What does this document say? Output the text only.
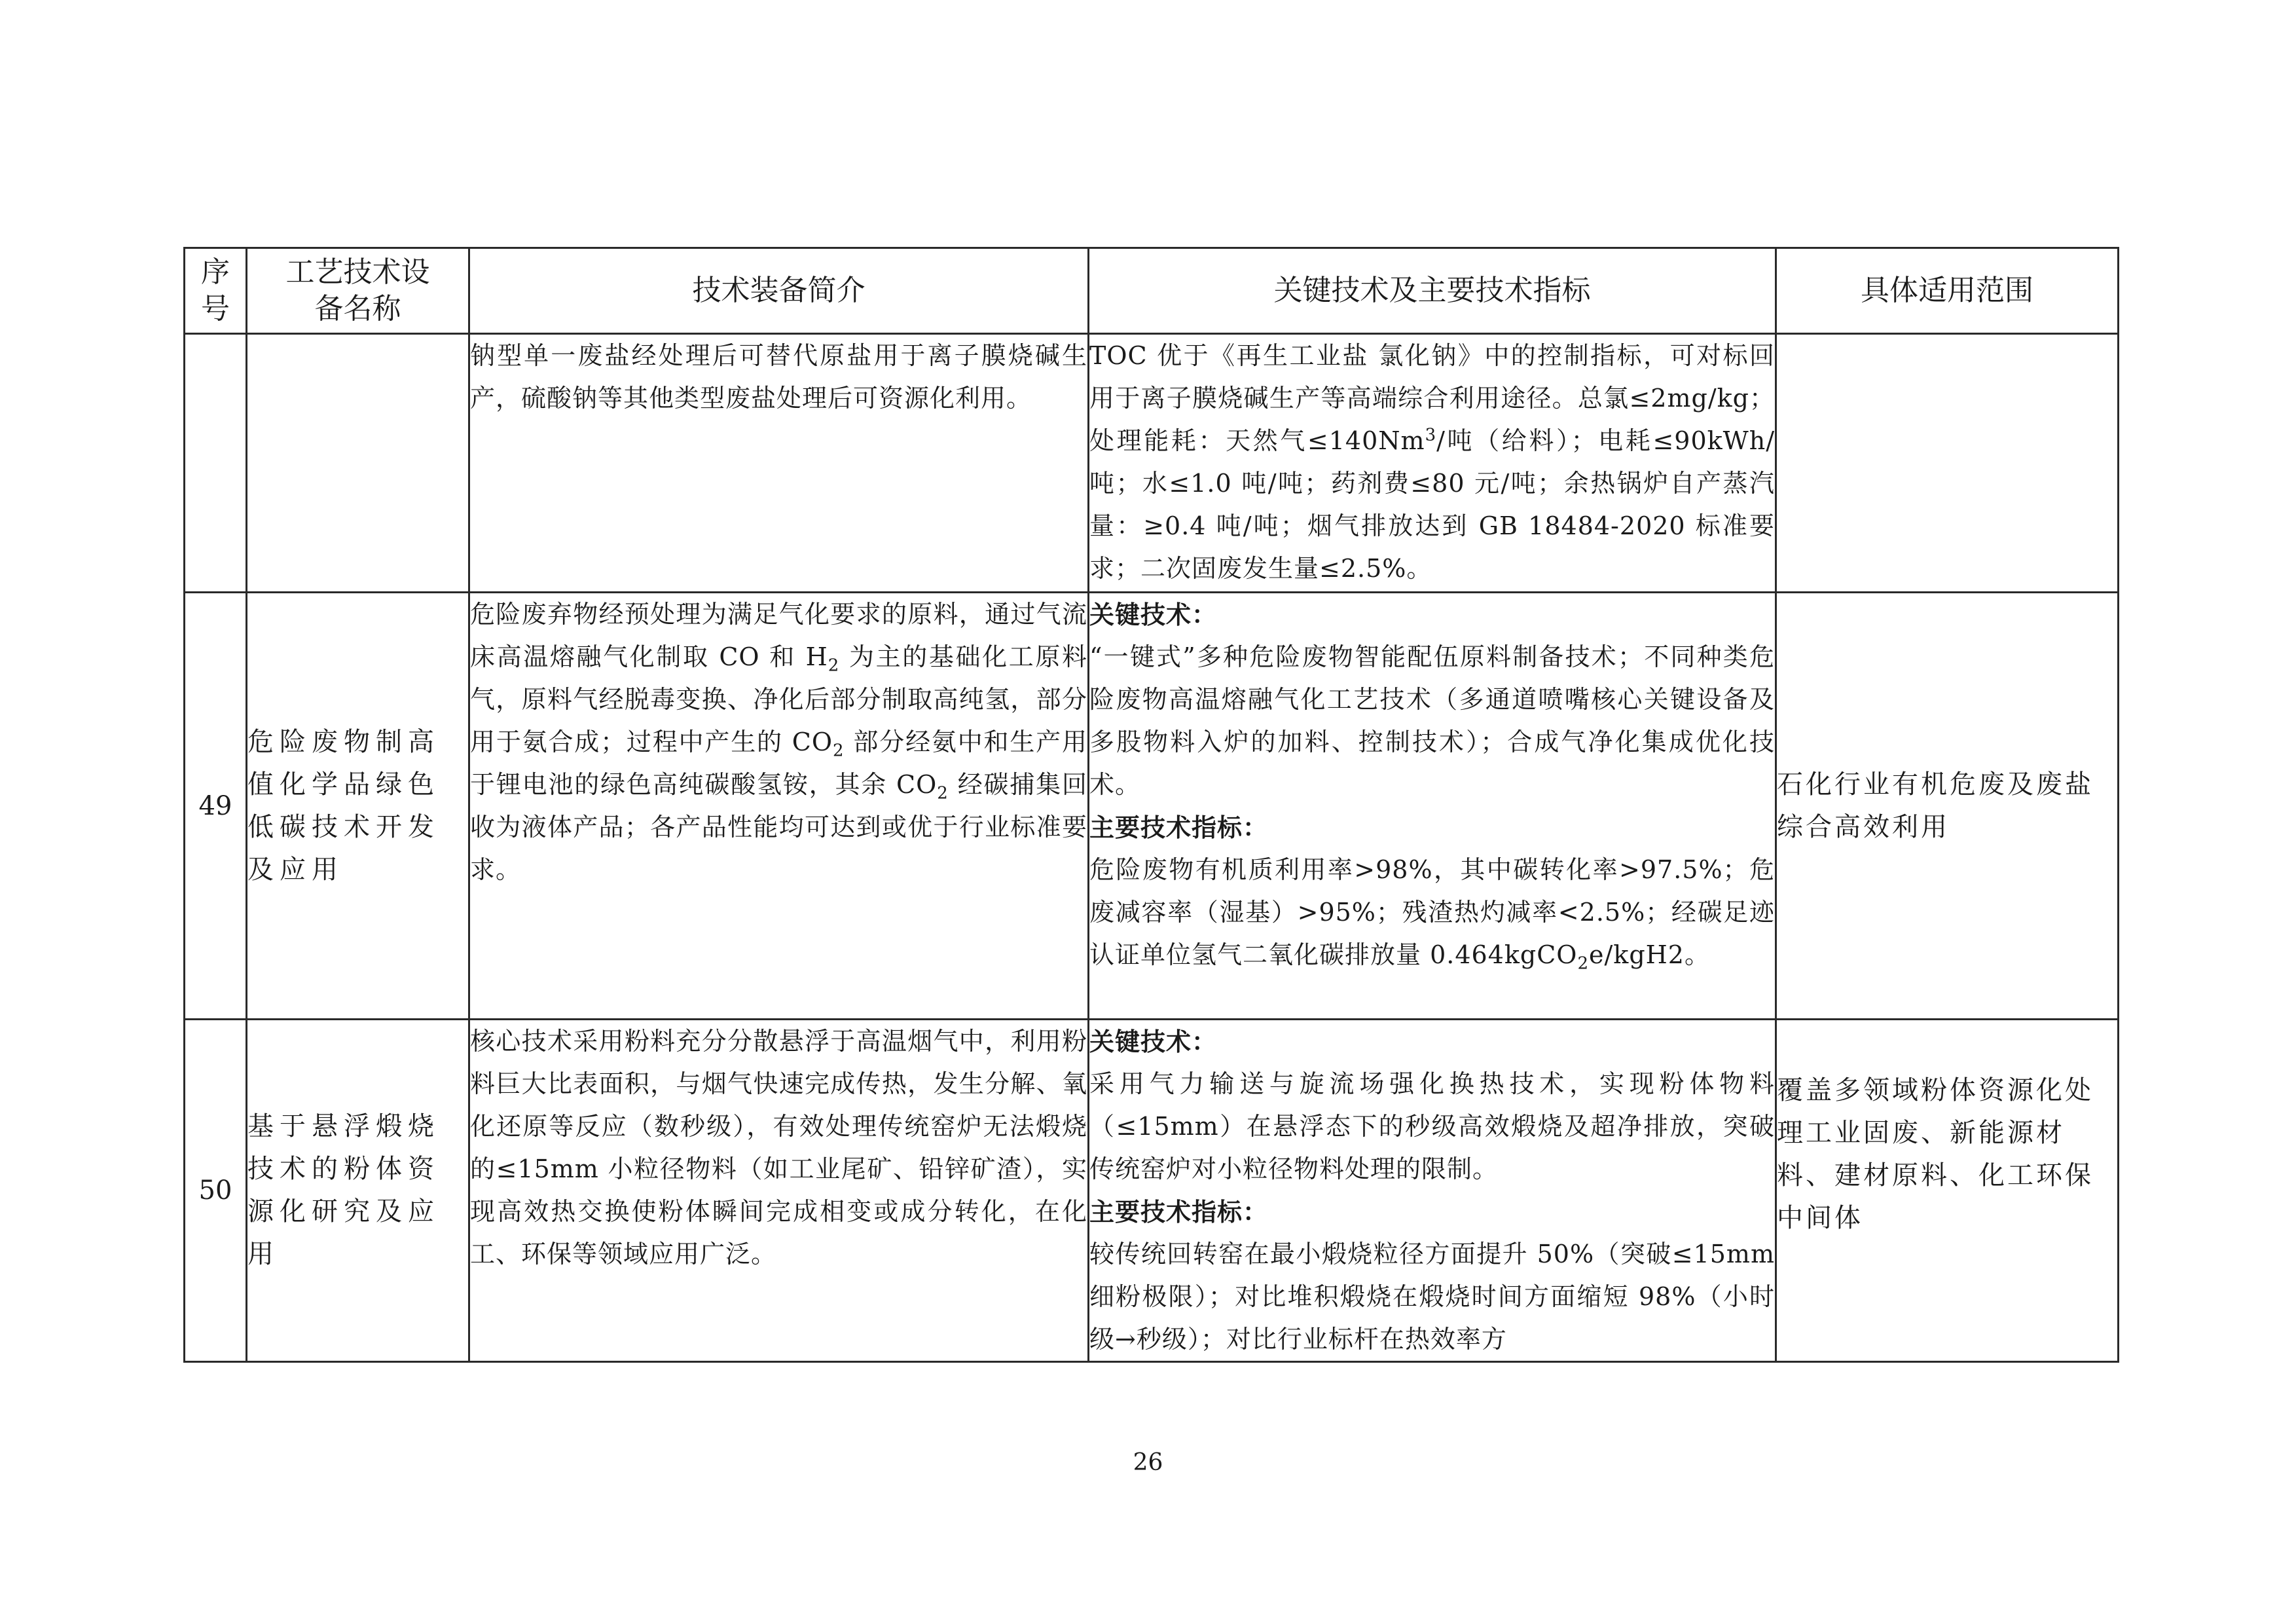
序
号	工艺技术设
备名称	技术装备简介	关键技术及主要技术指标	具体适用范围

		钠型单一废盐经处理后可替代原盐用于离子膜烧碱生产，硫酸钠等其他类型废盐处理后可资源化利用。	TOC 优于《再生工业盐 氯化钠》中的控制指标，可对标回用于离子膜烧碱生产等高端综合利用途径。总氯≤2mg/kg；处理能耗：天然气$\le 140Nm^3/$吨（给料）；电耗≤90kWh/吨；水≤1.0 吨/吨；药剂费≤80 元/吨；余热锅炉自产蒸汽量：≥0.4 吨/吨；烟气排放达到 GB 18484-2020 标准要求；二次固废发生量≤2.5%。	

49	危险废物制高值化学品绿色低碳技术开发及应用	危险废弃物经预处理为满足气化要求的原料，通过气流床高温熔融气化制取 CO 和 $H_2$ 为主的基础化工原料气，原料气经脱毒变换、净化后部分制取高纯氢，部分用于氨合成；过程中产生的 $CO_2$ 部分经氨中和生产用于锂电池的绿色高纯碳酸氢铵，其余 $CO_2$ 经碳捕集回收为液体产品；各产品性能均可达到或优于行业标准要求。	关键技术：

“一键式”多种危险废物智能配伍原料制备技术；不同种类危险废物高温熔融气化工艺技术（多通道喷嘴核心关键设备及多股物料入炉的加料、控制技术）；合成气净化集成优化技术。

主要技术指标：

危险废物有机质利用率>98%，其中碳转化率>97.5%；危废减容率（湿基）>95%；残渣热灼减率<2.5%；经碳足迹认证单位氢气二氧化碳排放量 0.464kgCO$_2$e/kgH2。	石化行业有机危废及废盐综合高效利用
50	基于悬浮煅烧技术的粉体资源化研究及应用	核心技术采用粉料充分分散悬浮于高温烟气中，利用粉料巨大比表面积，与烟气快速完成传热，发生分解、氧化还原等反应（数秒级），有效处理传统窑炉无法煅烧的≤15mm 小粒径物料（如工业尾矿、铅锌矿渣），实现高效热交换使粉体瞬间完成相变或成分转化，在化工、环保等领域应用广泛。	关键技术：

采用气力输送与旋流场强化换热技术，实现粉体物料（≤15mm）在悬浮态下的秒级高效煅烧及超净排放，突破传统窑炉对小粒径物料处理的限制。

主要技术指标：

较传统回转窑在最小煅烧粒径方面提升 50%（突破≤15mm 细粉极限）；对比堆积煅烧在煅烧时间方面缩短 98%（小时级→秒级）；对比行业标杆在热效率方	覆盖多领域粉体资源化处理工业固废、新能源材料、建材原料、化工环保中间体
26
